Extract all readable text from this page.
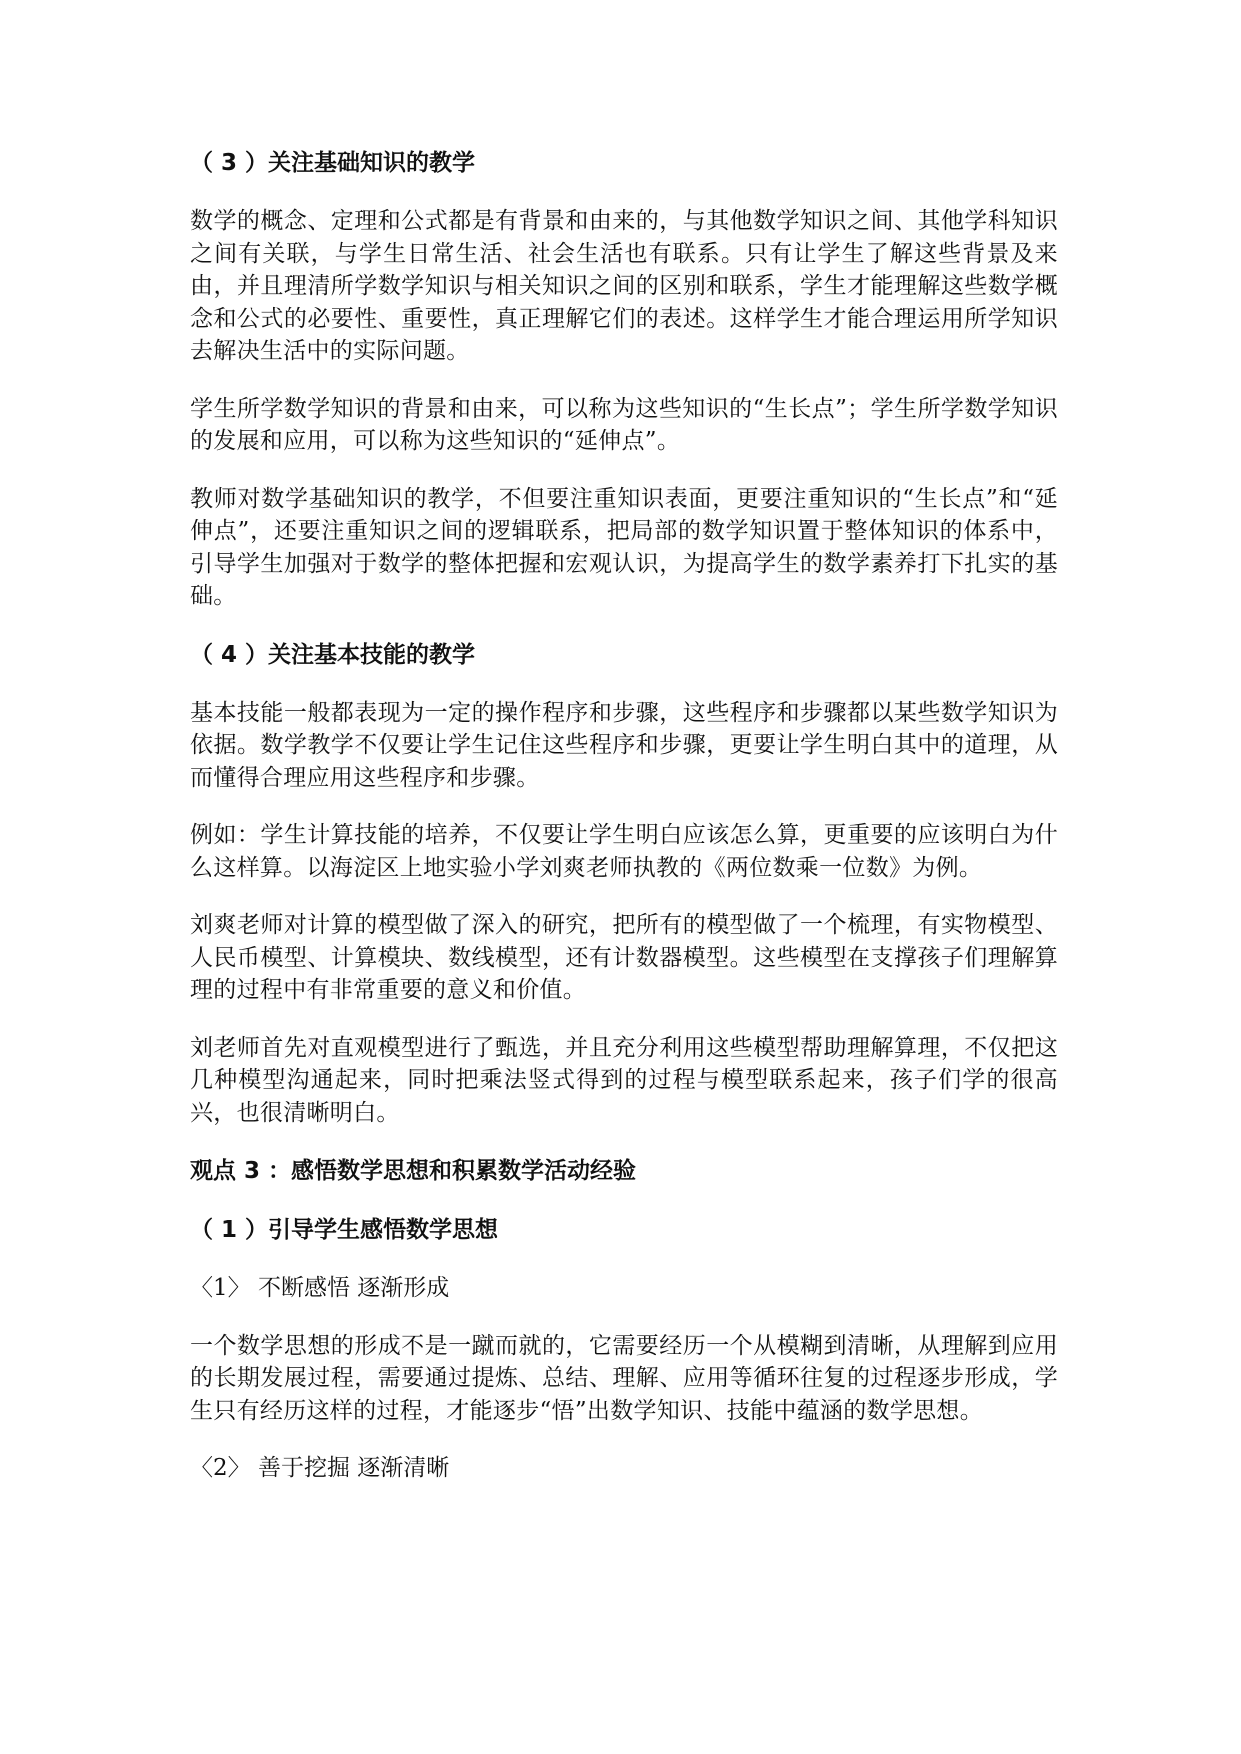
（ 3 ）关注基础知识的教学
数学的概念、定理和公式都是有背景和由来的，与其他数学知识之间、其他学科知识之间有关联，与学生日常生活、社会生活也有联系。只有让学生了解这些背景及来由，并且理清所学数学知识与相关知识之间的区别和联系，学生才能理解这些数学概念和公式的必要性、重要性，真正理解它们的表述。这样学生才能合理运用所学知识去解决生活中的实际问题。
学生所学数学知识的背景和由来，可以称为这些知识的“生长点”；学生所学数学知识的发展和应用，可以称为这些知识的“延伸点”。
教师对数学基础知识的教学，不但要注重知识表面，更要注重知识的“生长点”和“延伸点”，还要注重知识之间的逻辑联系，把局部的数学知识置于整体知识的体系中，引导学生加强对于数学的整体把握和宏观认识，为提高学生的数学素养打下扎实的基础。
（ 4 ）关注基本技能的教学
基本技能一般都表现为一定的操作程序和步骤，这些程序和步骤都以某些数学知识为依据。数学教学不仅要让学生记住这些程序和步骤，更要让学生明白其中的道理，从而懂得合理应用这些程序和步骤。
例如：学生计算技能的培养，不仅要让学生明白应该怎么算，更重要的应该明白为什么这样算。以海淀区上地实验小学刘爽老师执教的《两位数乘一位数》为例。
刘爽老师对计算的模型做了深入的研究，把所有的模型做了一个梳理，有实物模型、人民币模型、计算模块、数线模型，还有计数器模型。这些模型在支撑孩子们理解算理的过程中有非常重要的意义和价值。
刘老师首先对直观模型进行了甄选，并且充分利用这些模型帮助理解算理，不仅把这几种模型沟通起来，同时把乘法竖式得到的过程与模型联系起来，孩子们学的很高兴，也很清晰明白。
观点 3 ：感悟数学思想和积累数学活动经验
（ 1 ）引导学生感悟数学思想
〈1〉 不断感悟 逐渐形成
一个数学思想的形成不是一蹴而就的，它需要经历一个从模糊到清晰，从理解到应用的长期发展过程，需要通过提炼、总结、理解、应用等循环往复的过程逐步形成，学生只有经历这样的过程，才能逐步“悟”出数学知识、技能中蕴涵的数学思想。
〈2〉 善于挖掘 逐渐清晰
